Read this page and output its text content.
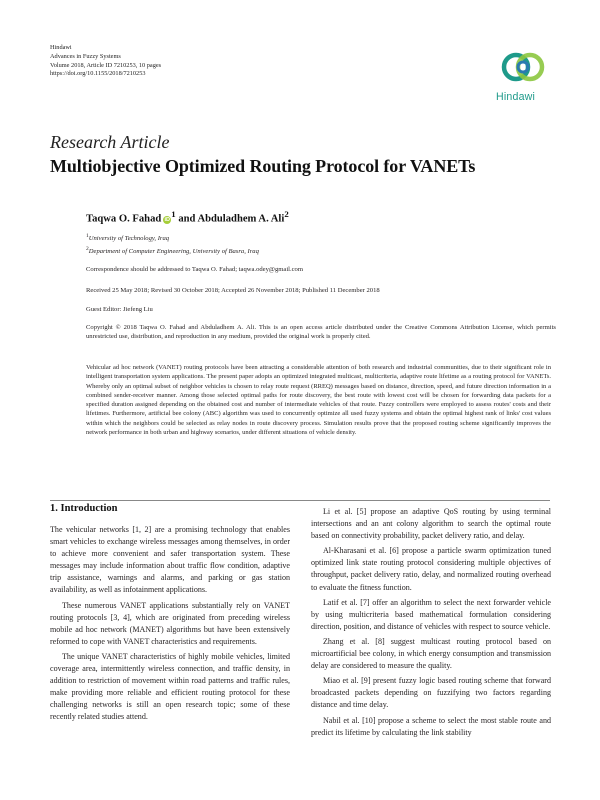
Hindawi
Advances in Fuzzy Systems
Volume 2018, Article ID 7210253, 10 pages
https://doi.org/10.1155/2018/7210253
Hindawi
Research Article
Multiobjective Optimized Routing Protocol for VANETs
Taqwa O. Fahad $iD^1$ and Abduladhem A. Ali$^2$
$^1$University of Technology, Iraq
$^2$Department of Computer Engineering, University of Basra, Iraq
Correspondence should be addressed to Taqwa O. Fahad; taqwa.odey@gmail.com
Received 25 May 2018; Revised 30 October 2018; Accepted 26 November 2018; Published 11 December 2018
Guest Editor: Jiefeng Liu
Copyright © 2018 Taqwa O. Fahad and Abduladhem A. Ali. This is an open access article distributed under the Creative Commons Attribution License, which permits unrestricted use, distribution, and reproduction in any medium, provided the original work is properly cited.
Vehicular ad hoc network (VANET) routing protocols have been attracting a considerable attention of both research and industrial communities, due to their significant role in intelligent transportation system applications. The present paper adopts an optimized integrated multicast, multicriteria, adaptive route lifetime as a routing protocol for VANETs. Whereby only an optimal subset of neighbor vehicles is chosen to relay route request (RREQ) messages based on distance, direction, speed, and future direction information in a combined sender-receiver manner. Among those selected optimal paths for route discovery, the best route with lowest cost will be chosen for forwarding data packets for a specified duration assigned depending on the obtained cost and number of intermediate vehicles of that route. Fuzzy controllers were employed to assess routes' costs and their lifetimes. Furthermore, artificial bee colony (ABC) algorithm was used to concurrently optimize all used fuzzy systems and obtain the optimal highest rank of links' cost values within which the neighbors could be selected as relay nodes in route discovery process. Simulation results prove that the proposed routing scheme significantly improves the network performance in both urban and highway scenarios, under different situations of vehicle density.
1. Introduction

The vehicular networks [1, 2] are a promising technology that enables smart vehicles to exchange wireless messages among themselves, in order to achieve more convenient and safer transportation system. These messages may include information about traffic flow condition, adaptive trip assistance, warnings and alarms, and parking or gas station availability, as well as infotainment applications.

These numerous VANET applications substantially rely on VANET routing protocols [3, 4], which are originated from preceding wireless mobile ad hoc network (MANET) algorithms but have been extensively reformed to cope with VANET characteristics and requirements.

The unique VANET characteristics of highly mobile vehicles, limited coverage area, intermittently wireless connection, and traffic density, in addition to restriction of movement within road patterns and traffic rules, make providing more reliable and efficient routing protocol for these challenging networks is still an open research topic; some of these recently related studies attend.

Li et al. [5] propose an adaptive QoS routing by using terminal intersections and an ant colony algorithm to search the optimal route based on connectivity probability, packet delivery ratio, and delay.

Al-Kharasani et al. [6] propose a particle swarm optimization tuned optimized link state routing protocol considering multiple objectives of throughput, packet delivery ratio, delay, and normalized routing overhead to evaluate the fitness function.

Latif et al. [7] offer an algorithm to select the next forwarder vehicle by using multicriteria based mathematical formulation considering direction, position, and distance of vehicles with respect to source vehicle.

Zhang et al. [8] suggest multicast routing protocol based on microartificial bee colony, in which energy consumption and transmission delay are considered to measure the quality.

Miao et al. [9] present fuzzy logic based routing scheme that forward broadcasted packets depending on fuzzifying two factors regarding distance and time delay.

Nabil et al. [10] propose a scheme to select the most stable route and predict its lifetime by calculating the link stability
